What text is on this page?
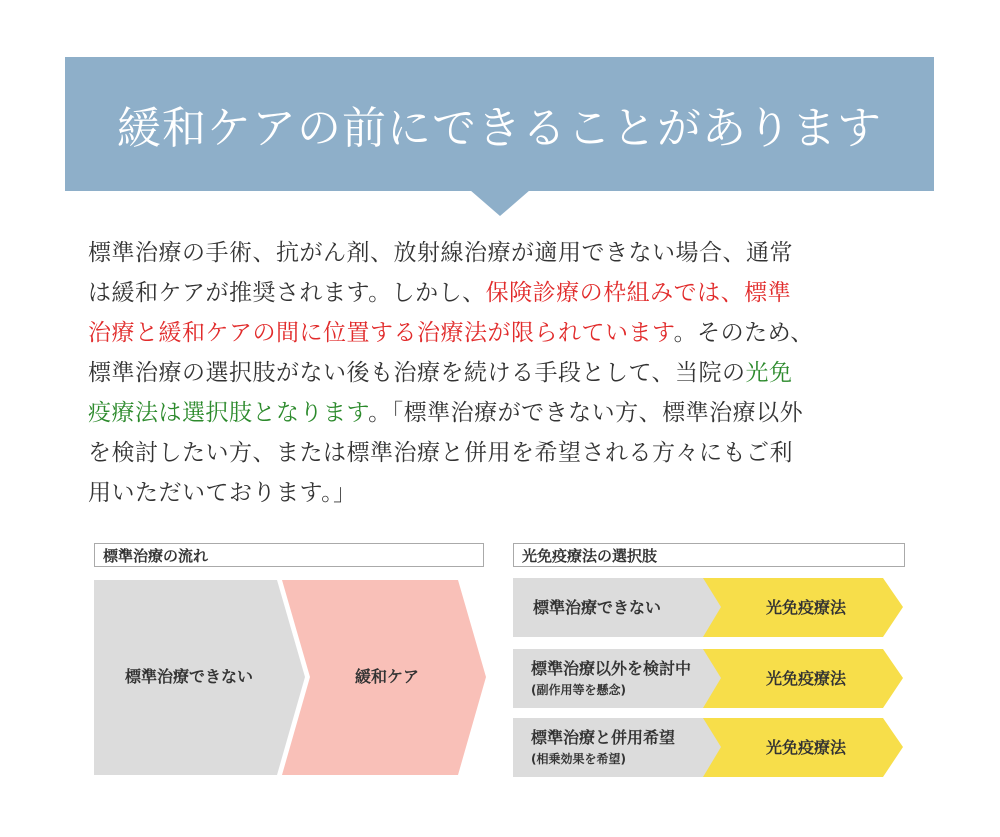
緩和ケアの前にできることがあります
標準治療の手術、抗がん剤、放射線治療が適用できない場合、通常
は緩和ケアが推奨されます。しかし、保険診療の枠組みでは、標準
治療と緩和ケアの間に位置する治療法が限られています。そのため、
標準治療の選択肢がない後も治療を続ける手段として、当院の光免
疫療法は選択肢となります。「標準治療ができない方、標準治療以外
を検討したい方、または標準治療と併用を希望される方々にもご利
用いただいております。」
標準治療の流れ
標準治療できない	緩和ケア
光免疫療法の選択肢
標準治療できない	光免疫療法
標準治療以外を検討中
(副作用等を懸念)
光免疫療法
標準治療と併用希望
(相乗効果を希望)
光免疫療法
